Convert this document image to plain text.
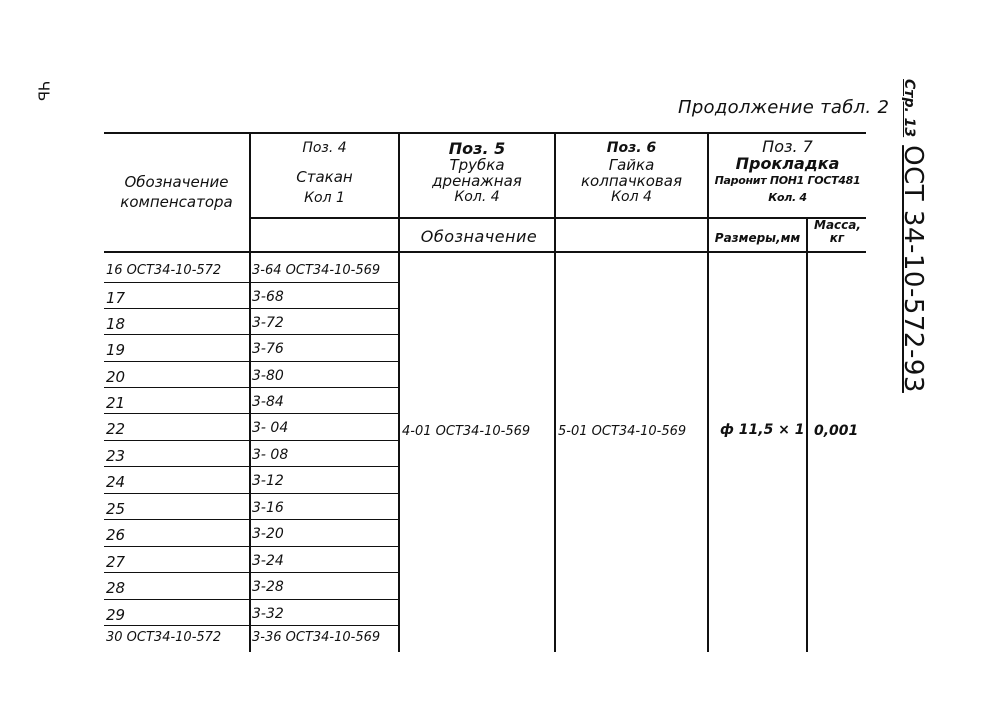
ЧЬ
Продолжение табл. 2 Стр. 13
ОСТ 34-10-572-93
Обозначение компенсатора
Поз. 4
Стакан
Кол 1
Поз. 5
Трубка дренажная
Кол. 4
Поз. 6
Гайка колпачковая
Кол 4
Поз. 7
Прокладка
Паронит ПОН1 ГОСТ481
Кол. 4
Обозначение	Размеры,мм
Масса, кг
16 ОСТ34-10-572
17
18
19
20
21
22
23
24
25
26
27
28
29
30 ОСТ34-10-572
3-64 ОСТ34-10-569
3-68
3-72
3-76
3-80
3-84
3- 04
3- 08
3-12
3-16
3-20
3-24
3-28
3-32
3-36 ОСТ34-10-569
4-01 ОСТ34-10-569 5-01 ОСТ34-10-569 ф 11,5 × 1 0,001
